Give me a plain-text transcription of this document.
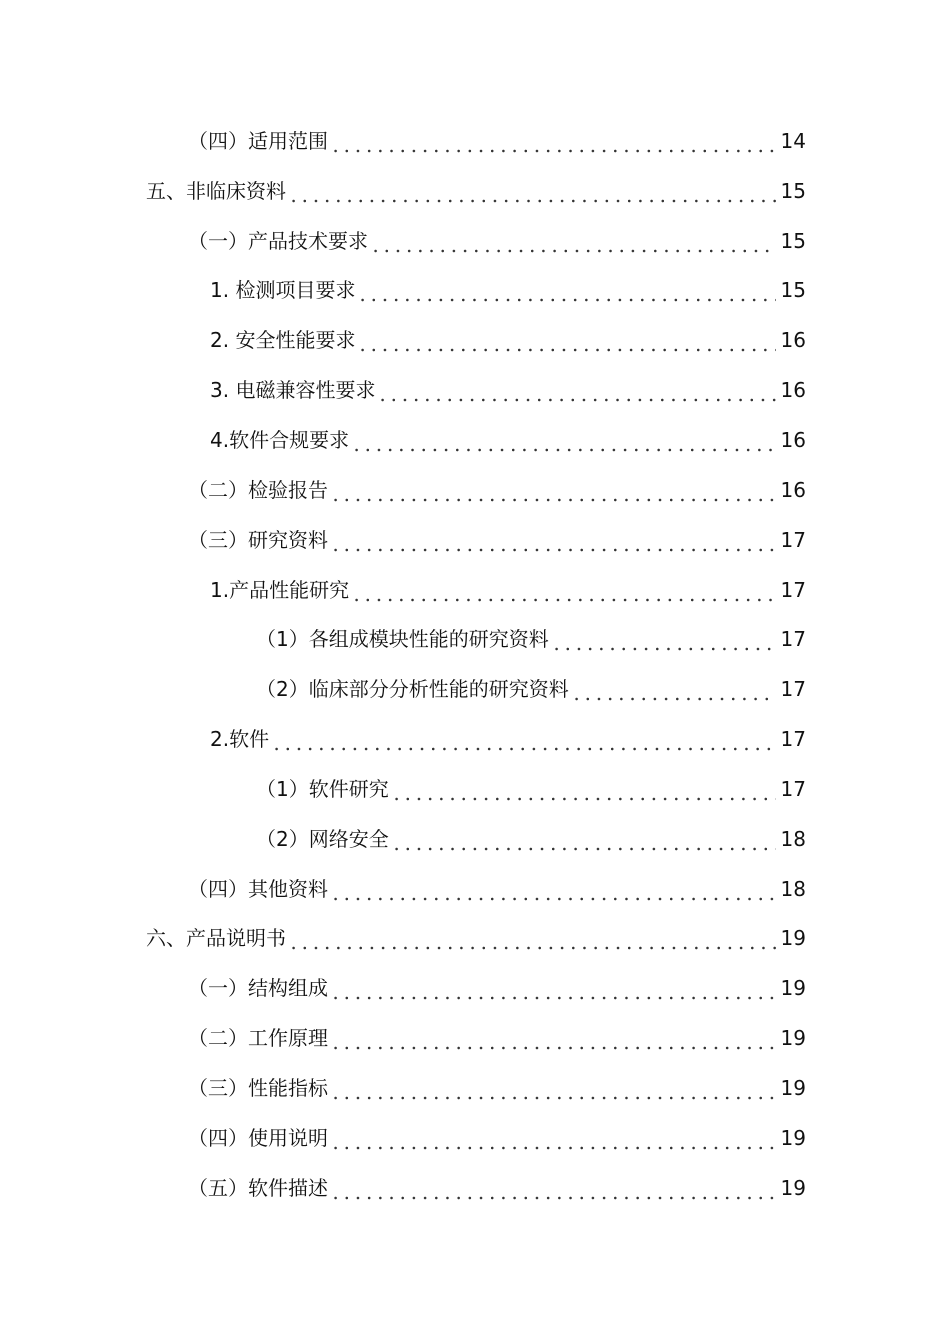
（四）适用范围	14
五、非临床资料	15
（一）产品技术要求	15
1. 检测项目要求	15
2. 安全性能要求	16
3. 电磁兼容性要求	16
4.软件合规要求	16
（二）检验报告	16
（三）研究资料	17
1.产品性能研究	17
（1）各组成模块性能的研究资料	17
（2）临床部分分析性能的研究资料	17
2.软件	17
（1）软件研究	17
（2）网络安全	18
（四）其他资料	18
六、产品说明书	19
（一）结构组成	19
（二）工作原理	19
（三）性能指标	19
（四）使用说明	19
（五）软件描述	19
